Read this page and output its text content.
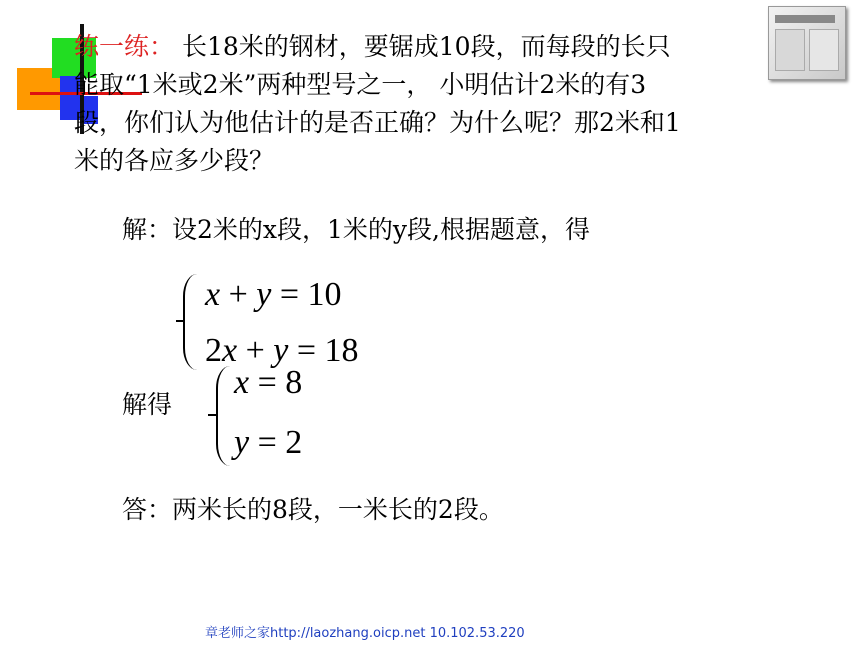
练一练： 长18米的钢材，要锯成10段，而每段的长只能取“1米或2米”两种型号之一， 小明估计2米的有3段，你们认为他估计的是否正确？为什么呢？那2米和1米的各应多少段？

解：设2米的x段，1米的y段,根据题意，得

x + y = 10
2x + y = 18

解得

x = 8
y = 2

答：两米长的8段，一米长的2段。

章老师之家http://laozhang.oicp.net 10.102.53.220
